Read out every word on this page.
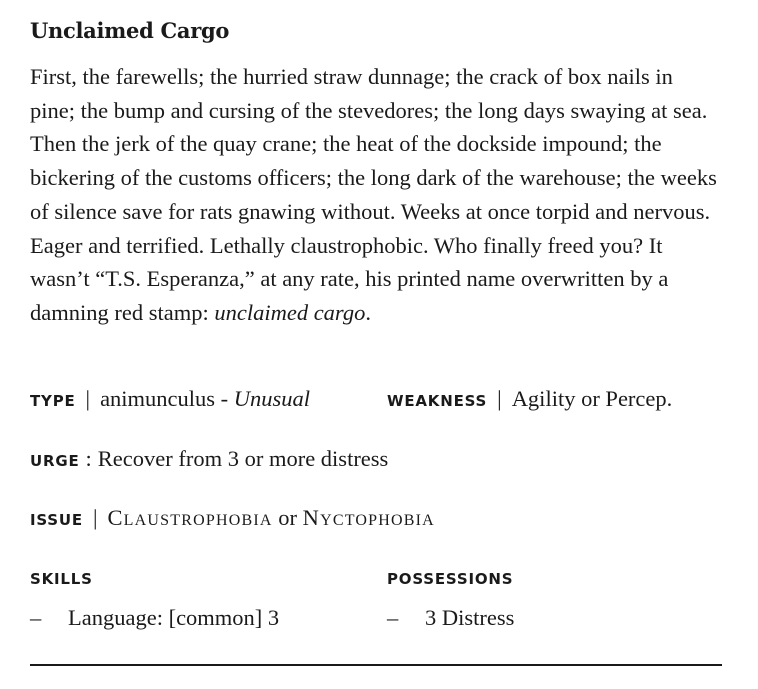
Unclaimed Cargo

First, the farewells; the hurried straw dunnage; the crack of box nails in pine; the bump and cursing of the stevedores; the long days swaying at sea. Then the jerk of the quay crane; the heat of the dockside impound; the bickering of the customs officers; the long dark of the warehouse; the weeks of silence save for rats gnawing without. Weeks at once torpid and nervous. Eager and terrified. Lethally claustrophobic. Who finally freed you? It wasn’t “T.S. Esperanza,” at any rate, his printed name overwritten by a damning red stamp: unclaimed cargo.

TYPE | animunculus - Unusual	WEAKNESS | Agility or Percep.
URGE : Recover from 3 or more distress
ISSUE | Claustrophobia or Nyctophobia
SKILLS	POSSESSIONS
– Language: [common] 3	– 3 Distress
